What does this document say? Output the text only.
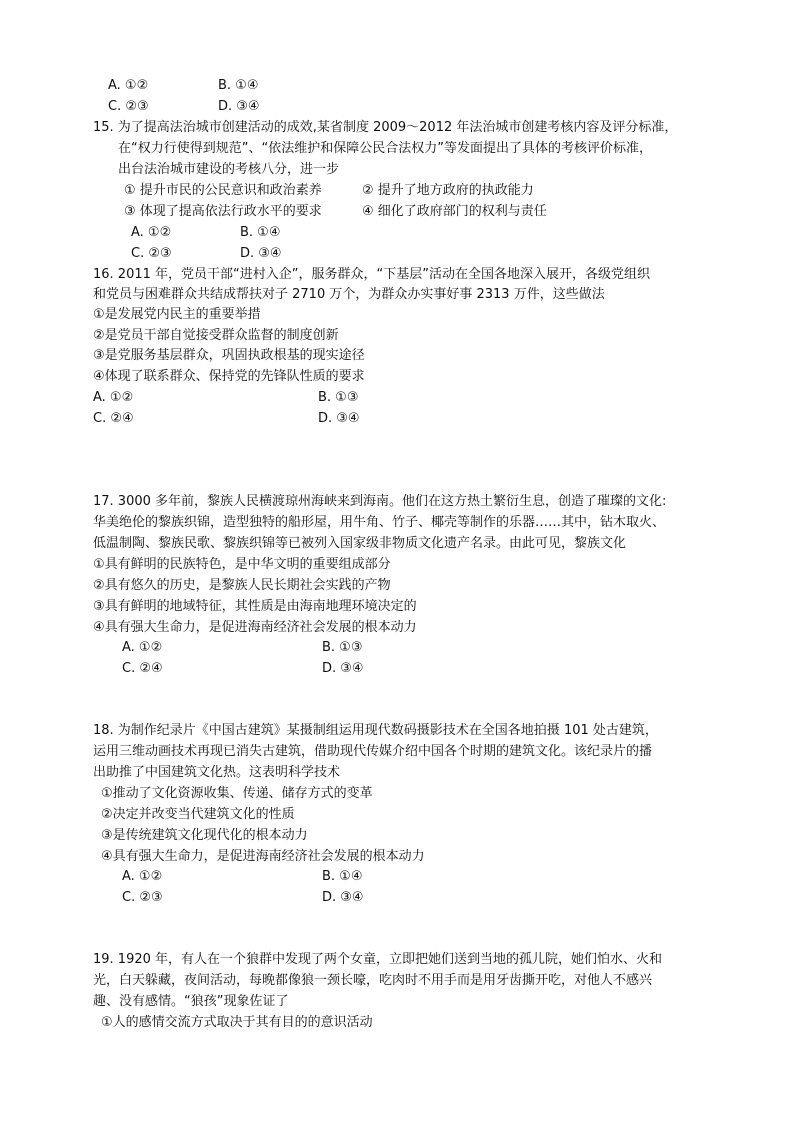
A. ①②	B. ①④
C. ②③	D. ③④
15. 为了提高法治城市创建活动的成效,某省制度 2009～2012 年法治城市创建考核内容及评分标准，
在“权力行使得到规范”、“依法维护和保障公民合法权力”等发面提出了具体的考核评价标准，
出台法治城市建设的考核八分，进一步
① 提升市民的公民意识和政治素养	② 提升了地方政府的执政能力
③ 体现了提高依法行政水平的要求	④ 细化了政府部门的权利与责任
A. ①②	B. ①④
C. ②③	D. ③④
16. 2011 年，党员干部“进村入企”，服务群众，“下基层”活动在全国各地深入展开，各级党组织
和党员与困难群众共结成帮扶对子 2710 万个，为群众办实事好事 2313 万件，这些做法
①是发展党内民主的重要举措
②是党员干部自觉接受群众监督的制度创新
③是党服务基层群众，巩固执政根基的现实途径
④体现了联系群众、保持党的先锋队性质的要求
A. ①②	B. ①③
C. ②④	D. ③④
17. 3000 多年前，黎族人民横渡琼州海峡来到海南。他们在这方热土繁衍生息，创造了璀璨的文化:
华美绝伦的黎族织锦，造型独特的船形屋，用牛角、竹子、椰壳等制作的乐器……其中，钻木取火、
低温制陶、黎族民歌、黎族织锦等已被列入国家级非物质文化遗产名录。由此可见，黎族文化
①具有鲜明的民族特色，是中华文明的重要组成部分
②具有悠久的历史，是黎族人民长期社会实践的产物
③具有鲜明的地域特征，其性质是由海南地理环境决定的
④具有强大生命力，是促进海南经济社会发展的根本动力
A. ①②	B. ①③
C. ②④	D. ③④
18. 为制作纪录片《中国古建筑》某摄制组运用现代数码摄影技术在全国各地拍摄 101 处古建筑，
运用三维动画技术再现已消失古建筑，借助现代传媒介绍中国各个时期的建筑文化。该纪录片的播
出助推了中国建筑文化热。这表明科学技术
①推动了文化资源收集、传递、储存方式的变革
②决定并改变当代建筑文化的性质
③是传统建筑文化现代化的根本动力
④具有强大生命力，是促进海南经济社会发展的根本动力
A. ①②	B. ①④
C. ②③	D. ③④
19. 1920 年，有人在一个狼群中发现了两个女童，立即把她们送到当地的孤儿院，她们怕水、火和
光，白天躲藏，夜间活动，每晚都像狼一颈长嚎，吃肉时不用手而是用牙齿撕开吃，对他人不感兴
趣、没有感情。“狼孩”现象佐证了
①人的感情交流方式取决于其有目的的意识活动
